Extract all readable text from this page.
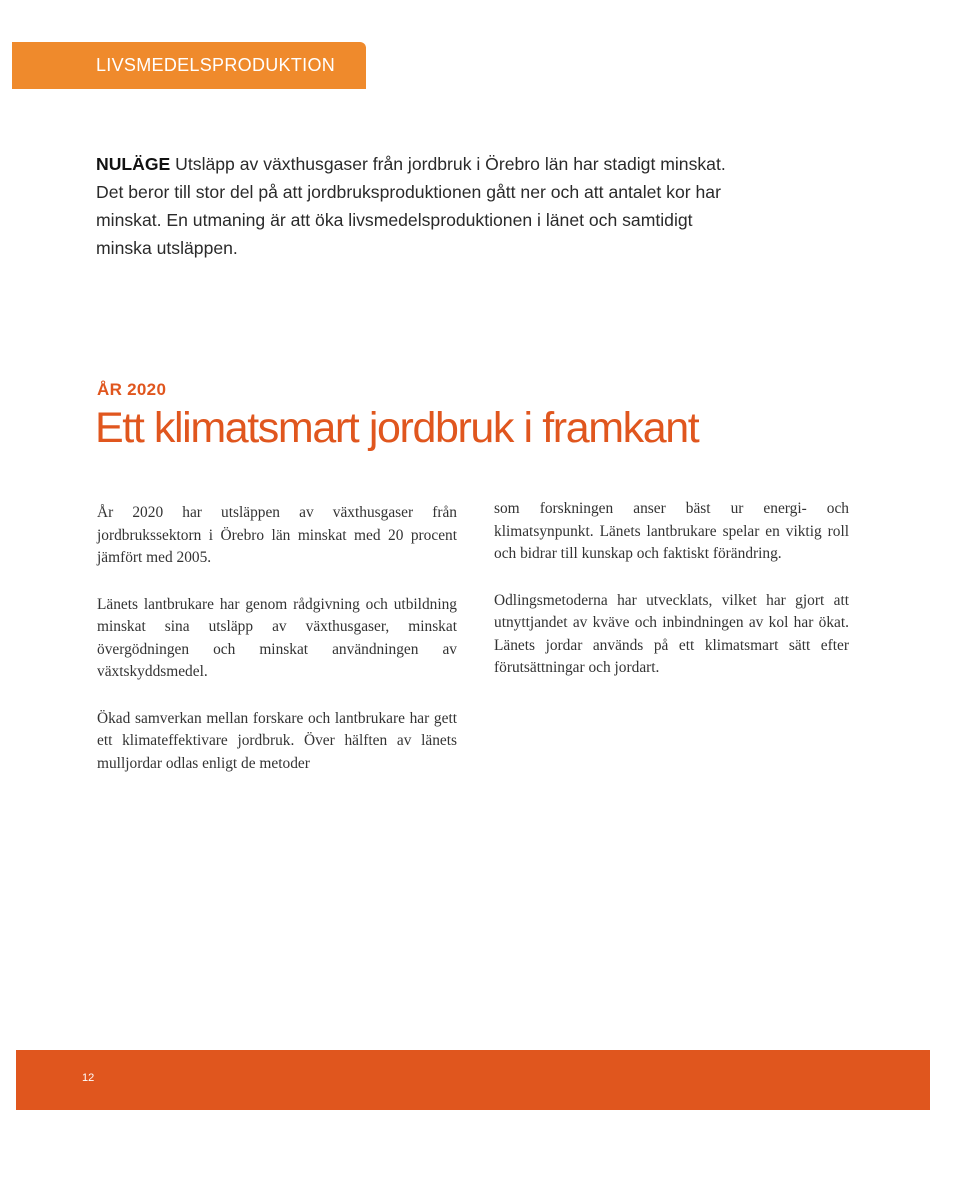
LIVSMEDELSPRODUKTION
NULÄGE Utsläpp av växthusgaser från jordbruk i Örebro län har stadigt minskat. Det beror till stor del på att jordbruksproduktionen gått ner och att antalet kor har minskat. En utmaning är att öka livsmedelsproduktionen i länet och samtidigt minska utsläppen.
ÅR 2020
Ett klimatsmart jordbruk i framkant

År 2020 har utsläppen av växthusgaser från jordbrukssektorn i Örebro län minskat med 20 procent jämfört med 2005.

Länets lantbrukare har genom rådgivning och utbildning minskat sina utsläpp av växthusgaser, minskat övergödningen och minskat användningen av växtskyddsmedel.

Ökad samverkan mellan forskare och lantbrukare har gett ett klimateffektivare jordbruk. Över hälften av länets mulljordar odlas enligt de metoder

som forskningen anser bäst ur energi- och klimatsynpunkt. Länets lantbrukare spelar en viktig roll och bidrar till kunskap och faktiskt förändring.

Odlingsmetoderna har utvecklats, vilket har gjort att utnyttjandet av kväve och inbindningen av kol har ökat. Länets jordar används på ett klimatsmart sätt efter förutsättningar och jordart.

12
